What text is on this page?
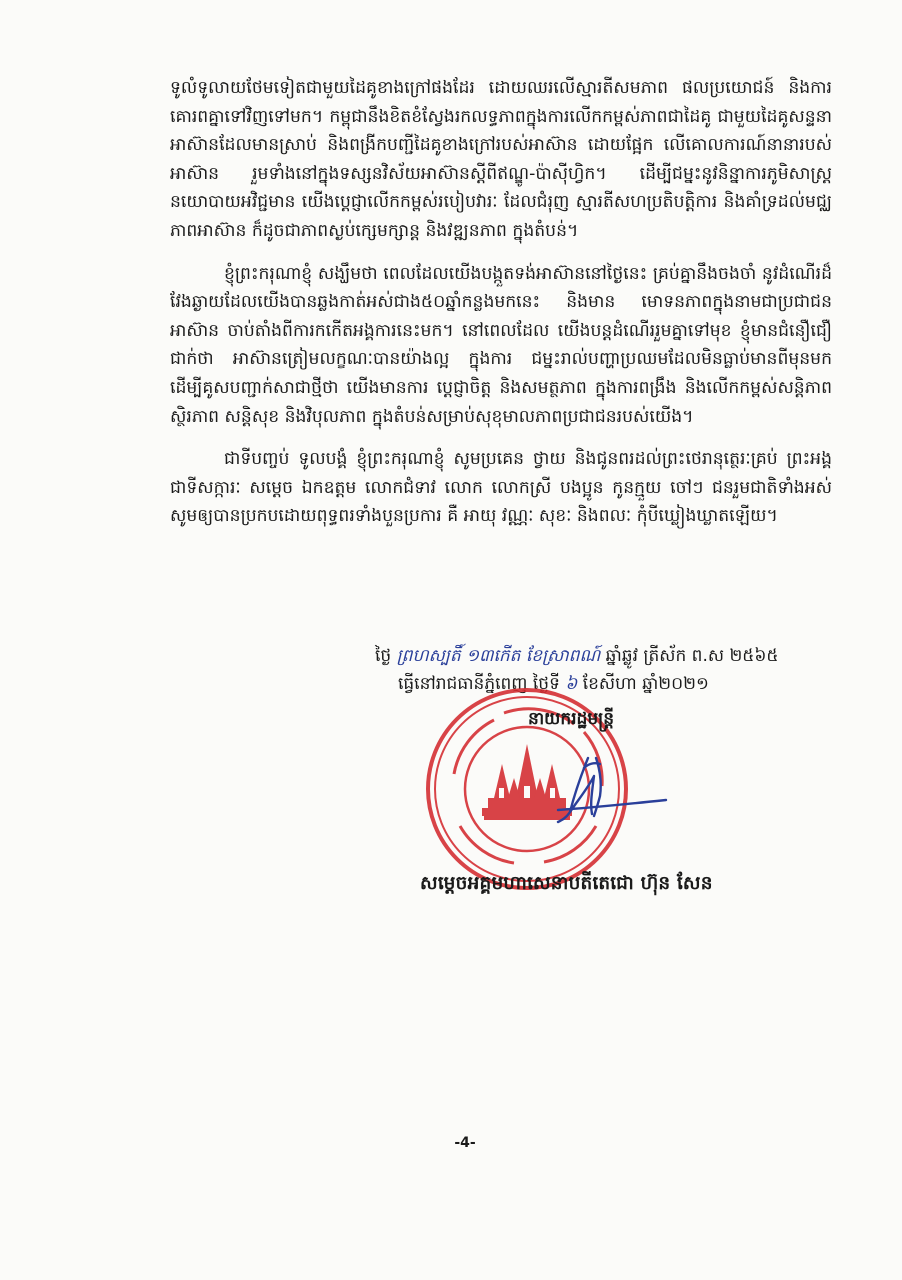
ទូលំទូលាយថែមទៀតជាមួយដៃគូខាងក្រៅផងដែរ ដោយឈរលើស្មារតីសមភាព ផលប្រយោជន៍ និងការគោរពគ្នាទៅវិញទៅមក។ កម្ពុជានឹងខិតខំស្វែងរកលទ្ធភាពក្នុងការលើកកម្ពស់ភាពជាដៃគូ ជាមួយដៃគូសន្ទនាអាស៊ានដែលមានស្រាប់ និងពង្រីកបញ្ជីដៃគូខាងក្រៅរបស់អាស៊ាន ដោយផ្អែក លើគោលការណ៍នានារបស់អាស៊ាន រួមទាំងនៅក្នុងទស្សនវិស័យអាស៊ានស្តីពីឥណ្ឌូ-ប៉ាស៊ីហ្វិក។ ដើម្បីជម្នះនូវនិន្នាការភូមិសាស្ត្រនយោបាយអវិជ្ជមាន យើងប្តេជ្ញាលើកកម្ពស់របៀបវារៈ ដែលជំរុញ ស្មារតីសហប្រតិបត្តិការ និងគាំទ្រដល់មជ្ឈភាពអាស៊ាន ក៏ដូចជាភាពស្ងប់ក្សេមក្សាន្ត និងវឌ្ឍនភាព ក្នុងតំបន់។

ខ្ញុំព្រះករុណាខ្ញុំ សង្ឃឹមថា ពេលដែលយើងបង្កួតទង់អាស៊ាននៅថ្ងៃនេះ គ្រប់គ្នានឹងចងចាំ នូវដំណើរដ៏វែងឆ្ងាយដែលយើងបានឆ្លងកាត់អស់ជាង៥០ឆ្នាំកន្លងមកនេះ និងមាន មោទនភាពក្នុងនាមជាប្រជាជនអាស៊ាន ចាប់តាំងពីការកកើតអង្គការនេះមក។ នៅពេលដែល យើងបន្តដំណើររួមគ្នាទៅមុខ ខ្ញុំមានជំនឿជឿជាក់ថា អាស៊ានត្រៀមលក្ខណៈបានយ៉ាងល្អ ក្នុងការ ជម្នះរាល់បញ្ហាប្រឈមដែលមិនធ្លាប់មានពីមុនមក ដើម្បីគូសបញ្ជាក់សាជាថ្មីថា យើងមានការ ប្តេជ្ញាចិត្ត និងសមត្ថភាព ក្នុងការពង្រឹង និងលើកកម្ពស់សន្តិភាព ស្ថិរភាព សន្តិសុខ និងវិបុលភាព ក្នុងតំបន់សម្រាប់សុខុមាលភាពប្រជាជនរបស់យើង។

ជាទីបញ្ចប់ ទូលបង្គំ ខ្ញុំព្រះករុណាខ្ញុំ សូមប្រគេន ថ្វាយ និងជូនពរដល់ព្រះថេរានុត្ថេរៈគ្រប់ ព្រះអង្គជាទីសក្ការៈ សម្តេច ឯកឧត្តម លោកជំទាវ លោក លោកស្រី បងប្អូន កូនក្មួយ ចៅៗ ជនរួមជាតិទាំងអស់ សូមឲ្យបានប្រកបដោយពុទ្ធពរទាំងបួនប្រការ គឺ អាយុ វណ្ណៈ សុខៈ និងពលៈ កុំបីឃ្លៀងឃ្លាតឡើយ។

ថ្ងៃ ព្រហស្បតិ៍ ១៣កើត ខែស្រាពណ៍ ឆ្នាំឆ្លូវ ត្រីស័ក ព.ស ២៥៦៥
ធ្វើនៅរាជធានីភ្នំពេញ ថ្ងៃទី ៦ ខែសីហា ឆ្នាំ២០២១
នាយករដ្ឋមន្ត្រី
សម្តេចអគ្គមហាសេនាបតីតេជោ ហ៊ុន សែន
-4-
